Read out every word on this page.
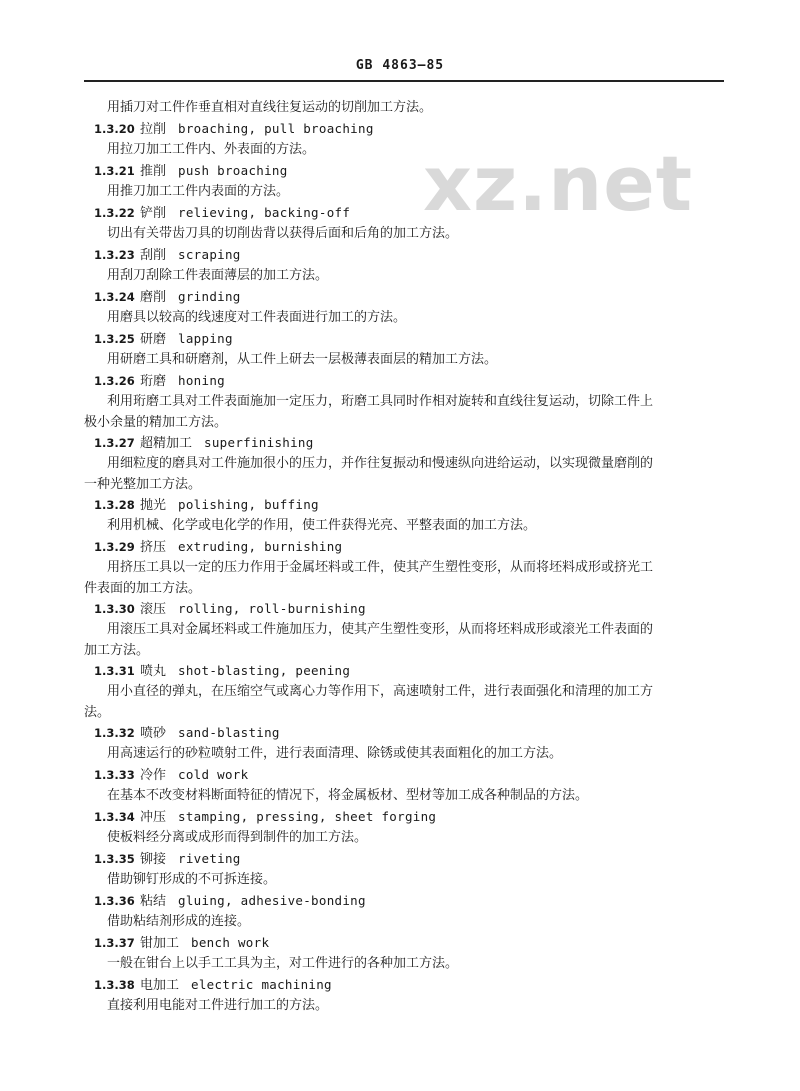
GB 4863—85
xz.net
用插刀对工件作垂直相对直线往复运动的切削加工方法。
1.3.20 拉削 broaching, pull broaching
用拉刀加工工件内、外表面的方法。
1.3.21 推削 push broaching
用推刀加工工件内表面的方法。
1.3.22 铲削 relieving, backing-off
切出有关带齿刀具的切削齿背以获得后面和后角的加工方法。
1.3.23 刮削 scraping
用刮刀刮除工件表面薄层的加工方法。
1.3.24 磨削 grinding
用磨具以较高的线速度对工件表面进行加工的方法。
1.3.25 研磨 lapping
用研磨工具和研磨剂，从工件上研去一层极薄表面层的精加工方法。
1.3.26 珩磨 honing
利用珩磨工具对工件表面施加一定压力，珩磨工具同时作相对旋转和直线往复运动，切除工件上
极小余量的精加工方法。
1.3.27 超精加工 superfinishing
用细粒度的磨具对工件施加很小的压力，并作往复振动和慢速纵向进给运动，以实现微量磨削的
一种光整加工方法。
1.3.28 抛光 polishing, buffing
利用机械、化学或电化学的作用，使工件获得光亮、平整表面的加工方法。
1.3.29 挤压 extruding, burnishing
用挤压工具以一定的压力作用于金属坯料或工件，使其产生塑性变形，从而将坯料成形或挤光工
件表面的加工方法。
1.3.30 滚压 rolling, roll-burnishing
用滚压工具对金属坯料或工件施加压力，使其产生塑性变形，从而将坯料成形或滚光工件表面的
加工方法。
1.3.31 喷丸 shot-blasting, peening
用小直径的弹丸，在压缩空气或离心力等作用下，高速喷射工件，进行表面强化和清理的加工方
法。
1.3.32 喷砂 sand-blasting
用高速运行的砂粒喷射工件，进行表面清理、除锈或使其表面粗化的加工方法。
1.3.33 冷作 cold work
在基本不改变材料断面特征的情况下，将金属板材、型材等加工成各种制品的方法。
1.3.34 冲压 stamping, pressing, sheet forging
使板料经分离或成形而得到制件的加工方法。
1.3.35 铆接 riveting
借助铆钉形成的不可拆连接。
1.3.36 粘结 gluing, adhesive-bonding
借助粘结剂形成的连接。
1.3.37 钳加工 bench work
一般在钳台上以手工工具为主，对工件进行的各种加工方法。
1.3.38 电加工 electric machining
直接利用电能对工件进行加工的方法。
